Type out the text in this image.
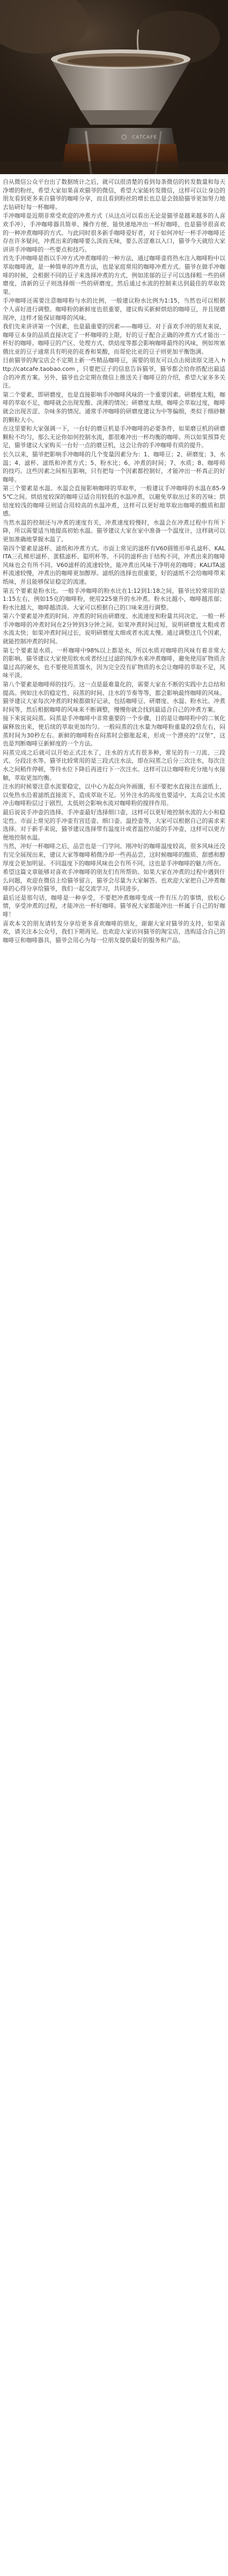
CATCAFE

自从微信公众平台出了数据统计之后，就可以很清楚的看到每条微信的转发数量和每天净增的粉丝，希望大家如果喜欢猫爷的微信，希望大家能转发微信，这样可以让身边的朋友看到更多来自猫爷的咖啡分享，而且看到粉丝的增长也总是会鼓励猫爷更加努力地去钻研好每一杯咖啡。

手冲咖啡是近期非常受欢迎的冲煮方式（从这点可以看出无论是猫爷是越来越多的人喜欢手冲），手冲咖啡器具简单、操作方便、能快速地冲出一杯好咖啡，也是猫爷很喜欢的一种冲煮咖啡的方式。与此同时很多新手咖啡爱好者，对于如何冲好一杯手冲咖啡还存在许多疑问，冲煮出来的咖啡要么淡而无味，要么苦涩难以入口，猫爷今天就给大家讲讲手冲咖啡的一些要点和技巧。

首先手冲咖啡是指以手冲方式冲煮咖啡的一种方法，通过咖啡壶将热水注入咖啡粉中以萃取咖啡液，是一种简单的冲煮方法，也是家庭常用的咖啡冲煮方式。猫爷在做手冲咖啡的时候，会根据不同的豆子来选择冲煮的方式，例如浓郁的豆子可以选择粗一些的研磨度，清新的豆子则选择细一些的研磨度，然后通过水流的控制来达到最佳的萃取效果。

手冲咖啡还需要注意咖啡粉与水的比例，一般建议粉水比例为1:15，当然也可以根据个人喜好进行调整。咖啡粉的新鲜度也很重要，建议购买新鲜烘焙的咖啡豆，并且现磨现冲，这样才能保证咖啡的风味。

我们先来讲讲第一个因素，也是最重要的因素——咖啡豆。对于喜欢手冲的朋友来说，咖啡豆本身的品质直接决定了一杯咖啡的上限，好的豆子配合正确的冲煮方式才能出一杯好的咖啡。咖啡豆的产区、处理方式、烘焙度等都会影响咖啡最终的风味，例如埃塞俄比亚的豆子通常具有明亮的花香和果酸，而哥伦比亚的豆子则更加平衡饱满。

目前猫爷的淘宝店会不定期上新一些精品咖啡豆，需要的朋友可以点击阅读原文进入 http://catcafe.taobao.com ，只要把豆子的信息告诉猫爷，猫爷都会给你搭配出最适合的冲煮方案。另外，猫爷也会定期在微信上推送关于咖啡豆的介绍，希望大家多多关注。

第二个要素，即研磨度，也是直接影响手冲咖啡风味的一个重要因素。研磨度太粗，咖啡的萃取不足，咖啡就会出现发酸、淡薄的情况；研磨度太细，咖啡会萃取过度，咖啡就会出现苦涩、杂味多的情况。通常手冲咖啡的研磨度建议为中等偏细，类似于细砂糖的颗粒大小。

在这里要和大家强调一下，一台好的磨豆机是手冲咖啡的必要条件，如果磨豆机的研磨颗粒不均匀，那么无论你如何控制水流，都很难冲出一杯均衡的咖啡。所以如果预算充足，猫爷建议大家购买一台好一点的磨豆机，这会让你的手冲咖啡有质的提升。

长久以来，猫爷把影响手冲咖啡的几个变量因素分为：1、咖啡豆；2、研磨度；3、水温；4、滤杯、滤纸和冲煮方式；5、粉水比；6、冲煮的时间；7、水质；8、咖啡师的技巧。这些因素之间相互影响，只有把每一个因素都控制好，才能冲出一杯真正的好咖啡。

第三个要素是水温。水温会直接影响咖啡的萃取率，一般建议手冲咖啡的水温在85-95℃之间。烘焙度较深的咖啡豆适合用较低的水温冲煮，以避免萃取出过多的苦味；烘焙度较浅的咖啡豆则适合用较高的水温冲煮，这样可以更好地萃取出咖啡的酸质和甜感。

当然水温的控制还与冲煮的速度有关，冲煮速度较慢时，水温会在冲煮过程中有所下降，所以需要适当地提高初始水温。猫爷建议大家在家中准备一个温度计，这样就可以更加准确地掌握水温了。

第四个要素是滤杯、滤纸和冲煮方式。市面上常见的滤杯有V60圆锥形单孔滤杯、KALITA三孔梯形滤杯、蛋糕滤杯、聪明杯等。不同的滤杯由于结构不同，冲煮出来的咖啡风味也会有所不同。V60滤杯的流速较快，能冲煮出风味干净明亮的咖啡；KALITA滤杯流速较慢，冲煮出的咖啡更加醇厚。滤纸的选择也很重要，好的滤纸不会给咖啡带来纸味，并且能够保证稳定的流速。

第五个要素是粉水比。一般手冲咖啡的粉水比在1:12到1:18之间，猫爷比较常用的是1:15左右，例如15克的咖啡粉，使用225毫升的水冲煮。粉水比越小，咖啡越浓郁；粉水比越大，咖啡越清淡。大家可以根据自己的口味来进行调整。

第六个要素是冲煮的时间。冲煮的时间由研磨度、水流速度和粉量共同决定，一般一杯手冲咖啡的冲煮时间在2分钟到3分钟之间。如果冲煮时间过短，说明研磨度太粗或者水流太快；如果冲煮时间过长，说明研磨度太细或者水流太慢。通过调整这几个因素，就能控制冲煮的时间。

第七个要素是水质。一杯咖啡中98%以上都是水，所以水质对咖啡的风味有着非常大的影响。猫爷建议大家使用软水或者经过过滤的纯净水来冲煮咖啡，避免使用矿物质含量过高的硬水，也不要使用蒸馏水，因为完全没有矿物质的水会让咖啡的萃取不足，风味平淡。

第八个要素是咖啡师的技巧。这一点是最难量化的，需要大家在不断的实践中去总结和提高。例如注水的稳定性、闷蒸的时间、注水的节奏等等，都会影响最终咖啡的风味。猫爷建议大家每次冲煮的时候都做好记录，包括咖啡豆、研磨度、水温、粉水比、冲煮时间等，然后根据咖啡的风味来不断调整，慢慢你就会找到最适合自己的冲煮方案。

接下来说说闷蒸。闷蒸是手冲咖啡中非常重要的一个步骤，目的是让咖啡粉中的二氧化碳释放出来，使后续的萃取更加均匀。一般闷蒸的注水量为咖啡粉重量的2倍左右，闷蒸时间为30秒左右。新鲜的咖啡粉在闷蒸时会膨胀起来，形成一个漂亮的“汉堡”，这也是判断咖啡豆新鲜度的一个方法。

闷蒸完成之后就可以开始正式注水了，注水的方式有很多种，常见的有一刀流、三段式、分段注水等。猫爷比较常用的是三段式注水法，即在闷蒸之后分三次注水，每次注水之间稍作停顿，等待水位下降后再进行下一次注水。这样可以让咖啡粉充分地与水接触，萃取更加均衡。

注水的时候要注意水流要稳定，以中心为起点向外画圈，但不要把水直接注在滤纸上，以免热水沿着滤纸直接流下，造成萃取不足。另外注水的高度也要适中，太高会让水流冲击咖啡粉层过于剧烈，太低则会影响水流对咖啡粉的搅拌作用。

最后说说手冲壶的选择。手冲壶最好选择细口壶，这样可以更好地控制水流的大小和稳定性。市面上常见的手冲壶有宫廷壶、细口壶、温控壶等，大家可以根据自己的需求来选择。对于新手来说，猫爷建议选择带有温度计或者温控功能的手冲壶，这样可以更方便地控制水温。

当然，冲好一杯咖啡之后，品尝也是一门学问。刚冲好的咖啡温度较高，很多风味还没有完全展现出来，建议大家等咖啡稍微冷却一些再品尝，这时候咖啡的酸质、甜感和醇厚度会更加明显。不同温度下的咖啡风味也会有所不同，这也是手冲咖啡的魅力所在。

希望这篇文章能够对喜欢手冲咖啡的朋友们有所帮助。如果大家在冲煮的过程中遇到什么问题，欢迎在微信上给猫爷留言，猫爷会尽量为大家解答。也欢迎大家把自己冲煮咖啡的心得分享给猫爷，我们一起交流学习，共同进步。

最后还是那句话，咖啡是一种享受，不要把冲煮咖啡变成一件有压力的事情，放松心情，享受冲煮的过程，才能冲出一杯好咖啡。猫爷祝大家都能冲出一杯属于自己的好咖啡！

喜欢本文的朋友请转发分享给更多喜欢咖啡的朋友，谢谢大家对猫爷的支持，如果喜欢，请关注本公众号，我们下期再见。也欢迎大家访问猫爷的淘宝店，选购适合自己的咖啡豆和咖啡器具，猫爷会用心为每一位朋友提供最好的服务和产品。
